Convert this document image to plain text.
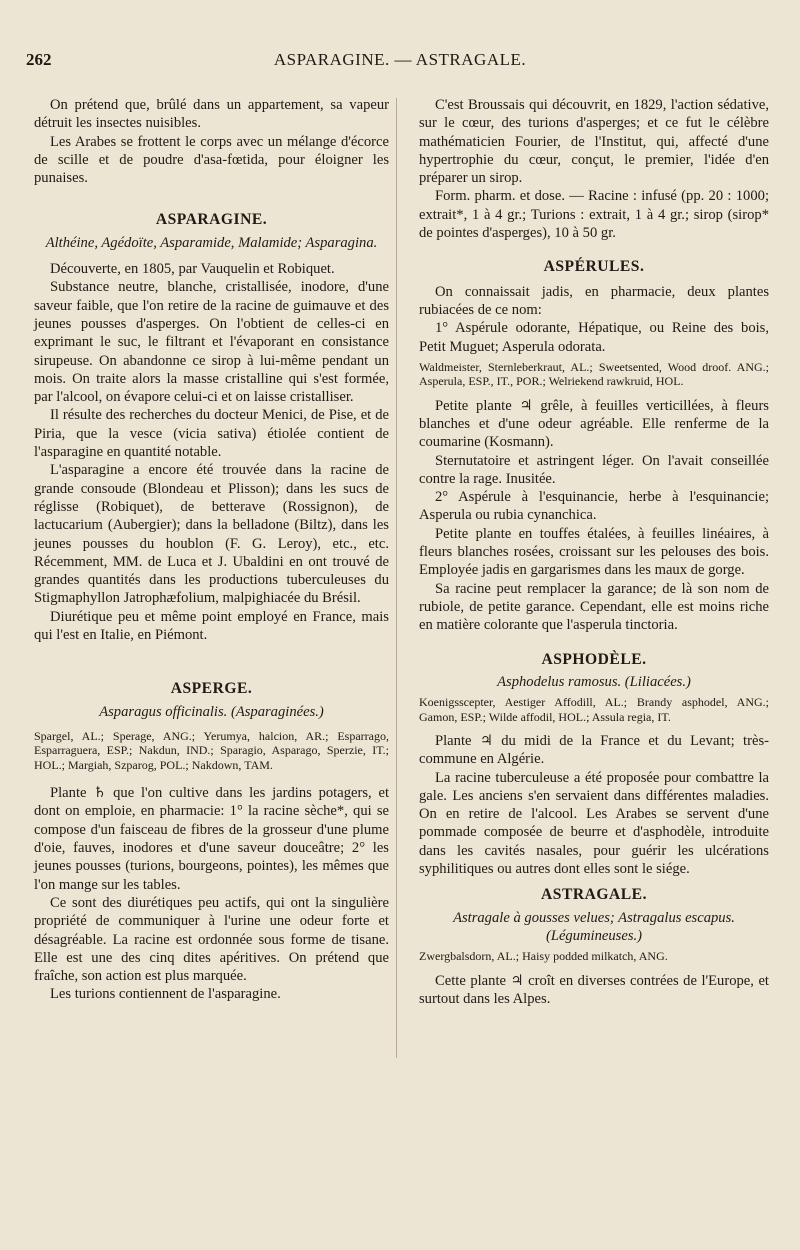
ASPARAGINE. — ASTRAGALE.
262

On prétend que, brûlé dans un appartement, sa vapeur détruit les insectes nuisibles.

Les Arabes se frottent le corps avec un mélange d'écorce de scille et de poudre d'asa-fœtida, pour éloigner les punaises.

ASPARAGINE.

Althéine, Agédoïte, Asparamide, Malamide; Asparagina.

Découverte, en 1805, par Vauquelin et Robiquet.

Substance neutre, blanche, cristallisée, inodore, d'une saveur faible, que l'on retire de la racine de guimauve et des jeunes pousses d'asperges. On l'obtient de celles-ci en exprimant le suc, le filtrant et l'évaporant en consistance sirupeuse. On abandonne ce sirop à lui-même pendant un mois. On traite alors la masse cristalline qui s'est formée, par l'alcool, on évapore celui-ci et on laisse cristalliser.

Il résulte des recherches du docteur Menici, de Pise, et de Piria, que la vesce (vicia sativa) étiolée contient de l'asparagine en quantité notable.

L'asparagine a encore été trouvée dans la racine de grande consoude (Blondeau et Plisson); dans les sucs de réglisse (Robiquet), de betterave (Rossignon), de lactucarium (Aubergier); dans la belladone (Biltz), dans les jeunes pousses du houblon (F. G. Leroy), etc., etc. Récemment, MM. de Luca et J. Ubaldini en ont trouvé de grandes quantités dans les productions tuberculeuses du Stigmaphyllon Jatrophæfolium, malpighiacée du Brésil.

Diurétique peu et même point employé en France, mais qui l'est en Italie, en Piémont.

ASPERGE.

Asparagus officinalis. (Asparaginées.)

Spargel, AL.; Sperage, ANG.; Yerumya, halcion, AR.; Esparrago, Esparraguera, ESP.; Nakdun, IND.; Sparagio, Asparago, Sperzie, IT.; HOL.; Margiah, Szparog, POL.; Nakdown, TAM.

Plante ♄ que l'on cultive dans les jardins potagers, et dont on emploie, en pharmacie: 1° la racine sèche*, qui se compose d'un faisceau de fibres de la grosseur d'une plume d'oie, fauves, inodores et d'une saveur douceâtre; 2° les jeunes pousses (turions, bourgeons, pointes), les mêmes que l'on mange sur les tables.

Ce sont des diurétiques peu actifs, qui ont la singulière propriété de communiquer à l'urine une odeur forte et désagréable. La racine est ordonnée sous forme de tisane. Elle est une des cinq dites apéritives. On prétend que fraîche, son action est plus marquée.

Les turions contiennent de l'asparagine.

C'est Broussais qui découvrit, en 1829, l'action sédative, sur le cœur, des turions d'asperges; et ce fut le célèbre mathématicien Fourier, de l'Institut, qui, affecté d'une hypertrophie du cœur, conçut, le premier, l'idée d'en préparer un sirop.

Form. pharm. et dose. — Racine : infusé (pp. 20 : 1000; extrait*, 1 à 4 gr.; Turions : extrait, 1 à 4 gr.; sirop (sirop* de pointes d'asperges), 10 à 50 gr.

ASPÉRULES.

On connaissait jadis, en pharmacie, deux plantes rubiacées de ce nom:

1° Aspérule odorante, Hépatique, ou Reine des bois, Petit Muguet; Asperula odorata.

Waldmeister, Sternleberkraut, AL.; Sweetsented, Wood droof. ANG.; Asperula, ESP., IT., POR.; Welriekend rawkruid, HOL.

Petite plante ♃ grêle, à feuilles verticillées, à fleurs blanches et d'une odeur agréable. Elle renferme de la coumarine (Kosmann).

Sternutatoire et astringent léger. On l'avait conseillée contre la rage. Inusitée.

2° Aspérule à l'esquinancie, herbe à l'esquinancie; Asperula ou rubia cynanchica.

Petite plante en touffes étalées, à feuilles linéaires, à fleurs blanches rosées, croissant sur les pelouses des bois. Employée jadis en gargarismes dans les maux de gorge.

Sa racine peut remplacer la garance; de là son nom de rubiole, de petite garance. Cependant, elle est moins riche en matière colorante que l'asperula tinctoria.

ASPHODÈLE.

Asphodelus ramosus. (Liliacées.)

Koenigsscepter, Aestiger Affodill, AL.; Brandy asphodel, ANG.; Gamon, ESP.; Wilde affodil, HOL.; Assula regia, IT.

Plante ♃ du midi de la France et du Levant; très-commune en Algérie.

La racine tuberculeuse a été proposée pour combattre la gale. Les anciens s'en servaient dans différentes maladies. On en retire de l'alcool. Les Arabes se servent d'une pommade composée de beurre et d'asphodèle, introduite dans les cavités nasales, pour guérir les ulcérations syphilitiques ou autres dont elles sont le siége.

ASTRAGALE.

Astragale à gousses velues; Astragalus escapus. (Légumineuses.)

Zwergbalsdorn, AL.; Haisy podded milkatch, ANG.

Cette plante ♃ croît en diverses contrées de l'Europe, et surtout dans les Alpes.
